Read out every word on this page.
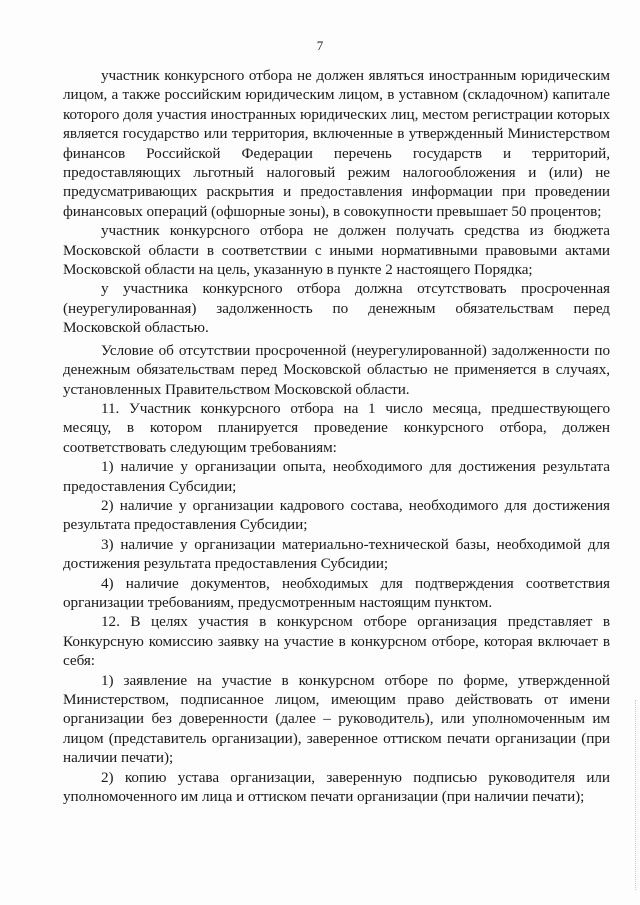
7

участник конкурсного отбора не должен являться иностранным юридическим лицом, а также российским юридическим лицом, в уставном (складочном) капитале которого доля участия иностранных юридических лиц, местом регистрации которых является государство или территория, включенные в утвержденный Министерством финансов Российской Федерации перечень государств и территорий, предоставляющих льготный налоговый режим налогообложения и (или) не предусматривающих раскрытия и предоставления информации при проведении финансовых операций (офшорные зоны), в совокупности превышает 50 процентов;

участник конкурсного отбора не должен получать средства из бюджета Московской области в соответствии с иными нормативными правовыми актами Московской области на цель, указанную в пункте 2 настоящего Порядка;

у участника конкурсного отбора должна отсутствовать просроченная (неурегулированная) задолженность по денежным обязательствам перед Московской областью.

Условие об отсутствии просроченной (неурегулированной) задолженности по денежным обязательствам перед Московской областью не применяется в случаях, установленных Правительством Московской области.

11. Участник конкурсного отбора на 1 число месяца, предшествующего месяцу, в котором планируется проведение конкурсного отбора, должен соответствовать следующим требованиям:

1) наличие у организации опыта, необходимого для достижения результата предоставления Субсидии;

2) наличие у организации кадрового состава, необходимого для достижения результата предоставления Субсидии;

3) наличие у организации материально-технической базы, необходимой для достижения результата предоставления Субсидии;

4) наличие документов, необходимых для подтверждения соответствия организации требованиям, предусмотренным настоящим пунктом.

12. В целях участия в конкурсном отборе организация представляет в Конкурсную комиссию заявку на участие в конкурсном отборе, которая включает в себя:

1) заявление на участие в конкурсном отборе по форме, утвержденной Министерством, подписанное лицом, имеющим право действовать от имени организации без доверенности (далее – руководитель), или уполномоченным им лицом (представитель организации), заверенное оттиском печати организации (при наличии печати);

2) копию устава организации, заверенную подписью руководителя или уполномоченного им лица и оттиском печати организации (при наличии печати);
